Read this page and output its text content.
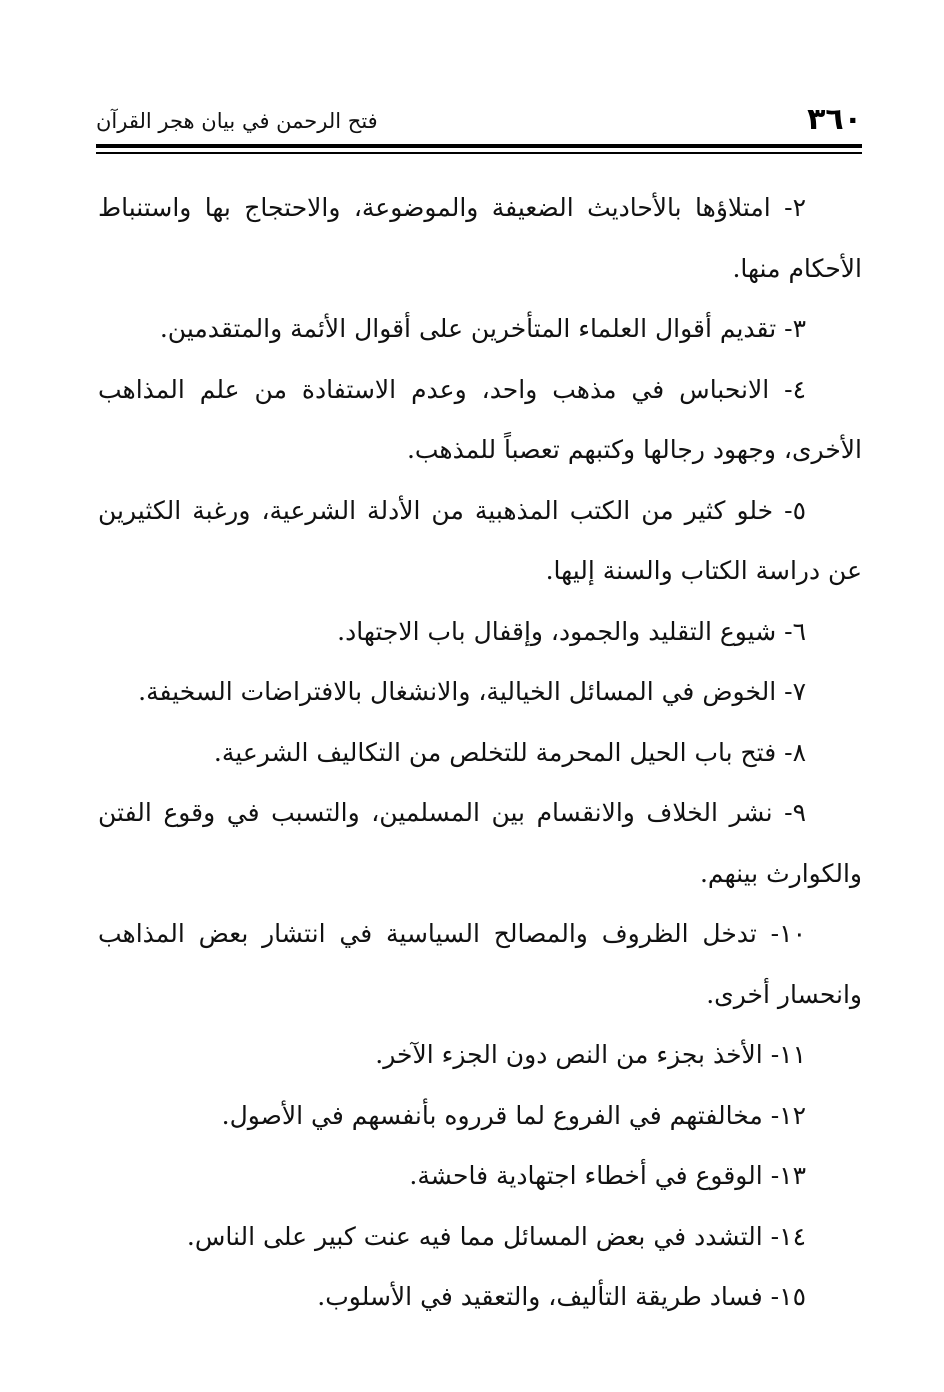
٣٦٠
فتح الرحمن في بيان هجر القرآن

٢- امتلاؤها بالأحاديث الضعيفة والموضوعة، والاحتجاج بها واستنباط الأحكام منها.

٣- تقديم أقوال العلماء المتأخرين على أقوال الأئمة والمتقدمين.

٤- الانحباس في مذهب واحد، وعدم الاستفادة من علم المذاهب الأخرى، وجهود رجالها وكتبهم تعصباً للمذهب.

٥- خلو كثير من الكتب المذهبية من الأدلة الشرعية، ورغبة الكثيرين عن دراسة الكتاب والسنة إليها.

٦- شيوع التقليد والجمود، وإقفال باب الاجتهاد.

٧- الخوض في المسائل الخيالية، والانشغال بالافتراضات السخيفة.

٨- فتح باب الحيل المحرمة للتخلص من التكاليف الشرعية.

٩- نشر الخلاف والانقسام بين المسلمين، والتسبب في وقوع الفتن والكوارث بينهم.

١٠- تدخل الظروف والمصالح السياسية في انتشار بعض المذاهب وانحسار أخرى.

١١- الأخذ بجزء من النص دون الجزء الآخر.

١٢- مخالفتهم في الفروع لما قرروه بأنفسهم في الأصول.

١٣- الوقوع في أخطاء اجتهادية فاحشة.

١٤- التشدد في بعض المسائل مما فيه عنت كبير على الناس.

١٥- فساد طريقة التأليف، والتعقيد في الأسلوب.
